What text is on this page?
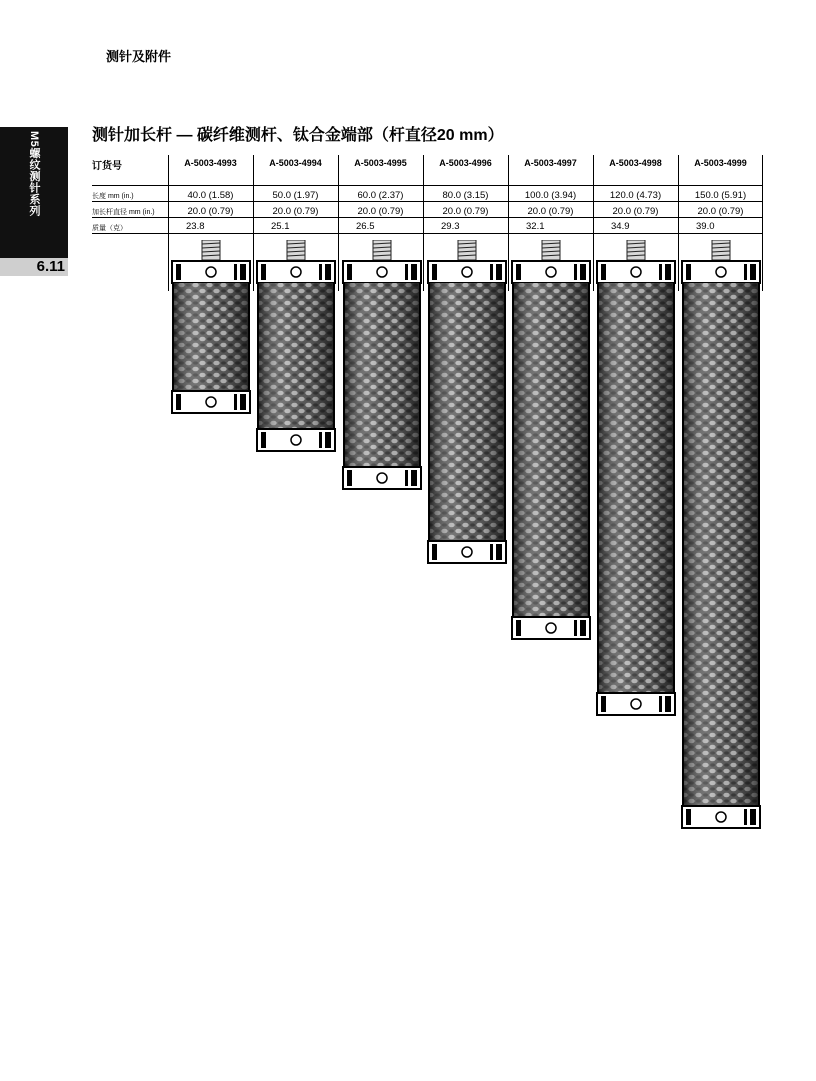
测针及附件
M5螺纹测针系列
6.11
测针加长杆 — 碳纤维测杆、钛合金端部（杆直径20 mm）
订货号
长度 mm (in.)
加长杆直径 mm (in.)
质量（克）
A-5003-4993
40.0 (1.58)
20.0 (0.79)
23.8
A-5003-4994
50.0 (1.97)
20.0 (0.79)
25.1
A-5003-4995
60.0 (2.37)
20.0 (0.79)
26.5
A-5003-4996
80.0 (3.15)
20.0 (0.79)
29.3
A-5003-4997
100.0 (3.94)
20.0 (0.79)
32.1
A-5003-4998
120.0 (4.73)
20.0 (0.79)
34.9
A-5003-4999
150.0 (5.91)
20.0 (0.79)
39.0
